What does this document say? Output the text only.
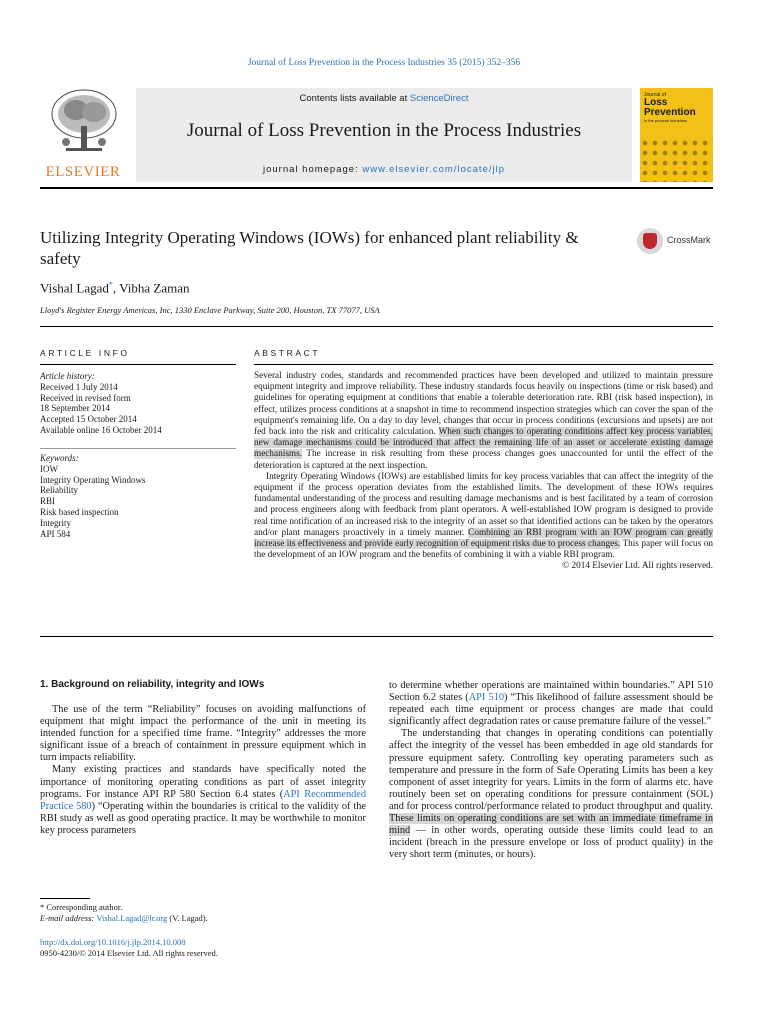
Journal of Loss Prevention in the Process Industries 35 (2015) 352–356
ELSEVIER
Contents lists available at ScienceDirect
Journal of Loss Prevention in the Process Industries
journal homepage: www.elsevier.com/locate/jlp
Journal of
Loss
Prevention
in the process industries
Utilizing Integrity Operating Windows (IOWs) for enhanced plant reliability & safety
CrossMark
Vishal Lagad*, Vibha Zaman
Lloyd's Register Energy Americas, Inc, 1330 Enclave Parkway, Suite 200, Houston, TX 77077, USA
ARTICLE INFO
Article history:
Received 1 July 2014
Received in revised form
18 September 2014
Accepted 15 October 2014
Available online 16 October 2014
Keywords:
IOW
Integrity Operating Windows
Reliability
RBI
Risk based inspection
Integrity
API 584
ABSTRACT

Several industry codes, standards and recommended practices have been developed and utilized to maintain pressure equipment integrity and improve reliability. These industry standards focus heavily on inspections (time or risk based) and guidelines for operating equipment at conditions that enable a tolerable deterioration rate. RBI (risk based inspection), in effect, utilizes process conditions at a snapshot in time to recommend inspection strategies which can cover the span of the equipment's remaining life. On a day to day level, changes that occur in process conditions (excursions and upsets) are not fed back into the risk and criticality calculation. When such changes to operating conditions affect key process variables, new damage mechanisms could be introduced that affect the remaining life of an asset or accelerate existing damage mechanisms. The increase in risk resulting from these process changes goes unaccounted for until the effect of the deterioration is captured at the next inspection.

Integrity Operating Windows (IOWs) are established limits for key process variables that can affect the integrity of the equipment if the process operation deviates from the established limits. The development of these IOWs requires fundamental understanding of the process and resulting damage mechanisms and is best facilitated by a team of corrosion and process engineers along with feedback from plant operators. A well-established IOW program is designed to provide real time notification of an increased risk to the integrity of an asset so that identified actions can be taken by the operators and/or plant managers proactively in a timely manner. Combining an RBI program with an IOW program can greatly increase its effectiveness and provide early recognition of equipment risks due to process changes. This paper will focus on the development of an IOW program and the benefits of combining it with a viable RBI program.

© 2014 Elsevier Ltd. All rights reserved.

1. Background on reliability, integrity and IOWs

The use of the term “Reliability” focuses on avoiding malfunctions of equipment that might impact the performance of the unit in meeting its intended function for a specified time frame. “Integrity” addresses the more significant issue of a breach of containment in pressure equipment which in turn impacts reliability.

Many existing practices and standards have specifically noted the importance of monitoring operating conditions as part of asset integrity programs. For instance API RP 580 Section 6.4 states (API Recommended Practice 580) “Operating within the boundaries is critical to the validity of the RBI study as well as good operating practice. It may be worthwhile to monitor key process parameters

to determine whether operations are maintained within boundaries.” API 510 Section 6.2 states (API 510) “This likelihood of failure assessment should be repeated each time equipment or process changes are made that could significantly affect degradation rates or cause premature failure of the vessel.”

The understanding that changes in operating conditions can potentially affect the integrity of the vessel has been embedded in age old standards for pressure equipment safety. Controlling key operating parameters such as temperature and pressure in the form of Safe Operating Limits has been a key component of asset integrity for years. Limits in the form of alarms etc. have routinely been set on operating conditions for pressure containment (SOL) and for process control/performance related to product throughput and quality. These limits on operating conditions are set with an immediate timeframe in mind — in other words, operating outside these limits could lead to an incident (breach in the pressure envelope or loss of product quality) in the very short term (minutes, or hours).

* Corresponding author.
E-mail address: Vishal.Lagad@lr.org (V. Lagad).
http://dx.doi.org/10.1016/j.jlp.2014.10.008
0950-4230/© 2014 Elsevier Ltd. All rights reserved.
